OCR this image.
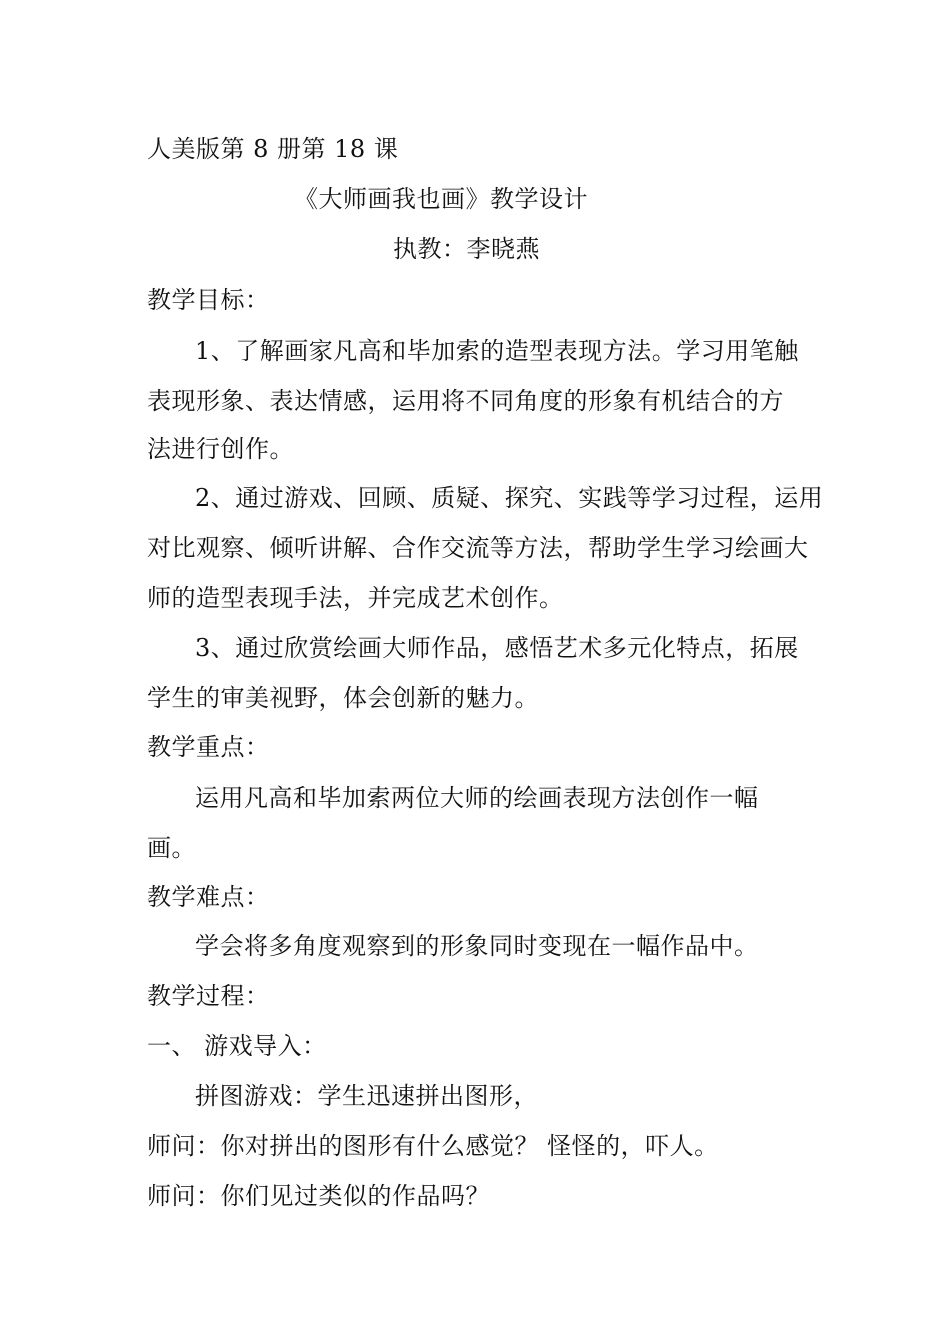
人美版第 8 册第 18 课
《大师画我也画》教学设计
执教：李晓燕
教学目标：
1、了解画家凡高和毕加索的造型表现方法。学习用笔触
表现形象、表达情感，运用将不同角度的形象有机结合的方
法进行创作。
2、通过游戏、回顾、质疑、探究、实践等学习过程，运用
对比观察、倾听讲解、合作交流等方法，帮助学生学习绘画大
师的造型表现手法，并完成艺术创作。
3、通过欣赏绘画大师作品，感悟艺术多元化特点，拓展
学生的审美视野，体会创新的魅力。
教学重点：
运用凡高和毕加索两位大师的绘画表现方法创作一幅
画。
教学难点：
学会将多角度观察到的形象同时变现在一幅作品中。
教学过程：
一、 游戏导入：
拼图游戏：学生迅速拼出图形，
师问：你对拼出的图形有什么感觉？ 怪怪的，吓人。
师问：你们见过类似的作品吗？
